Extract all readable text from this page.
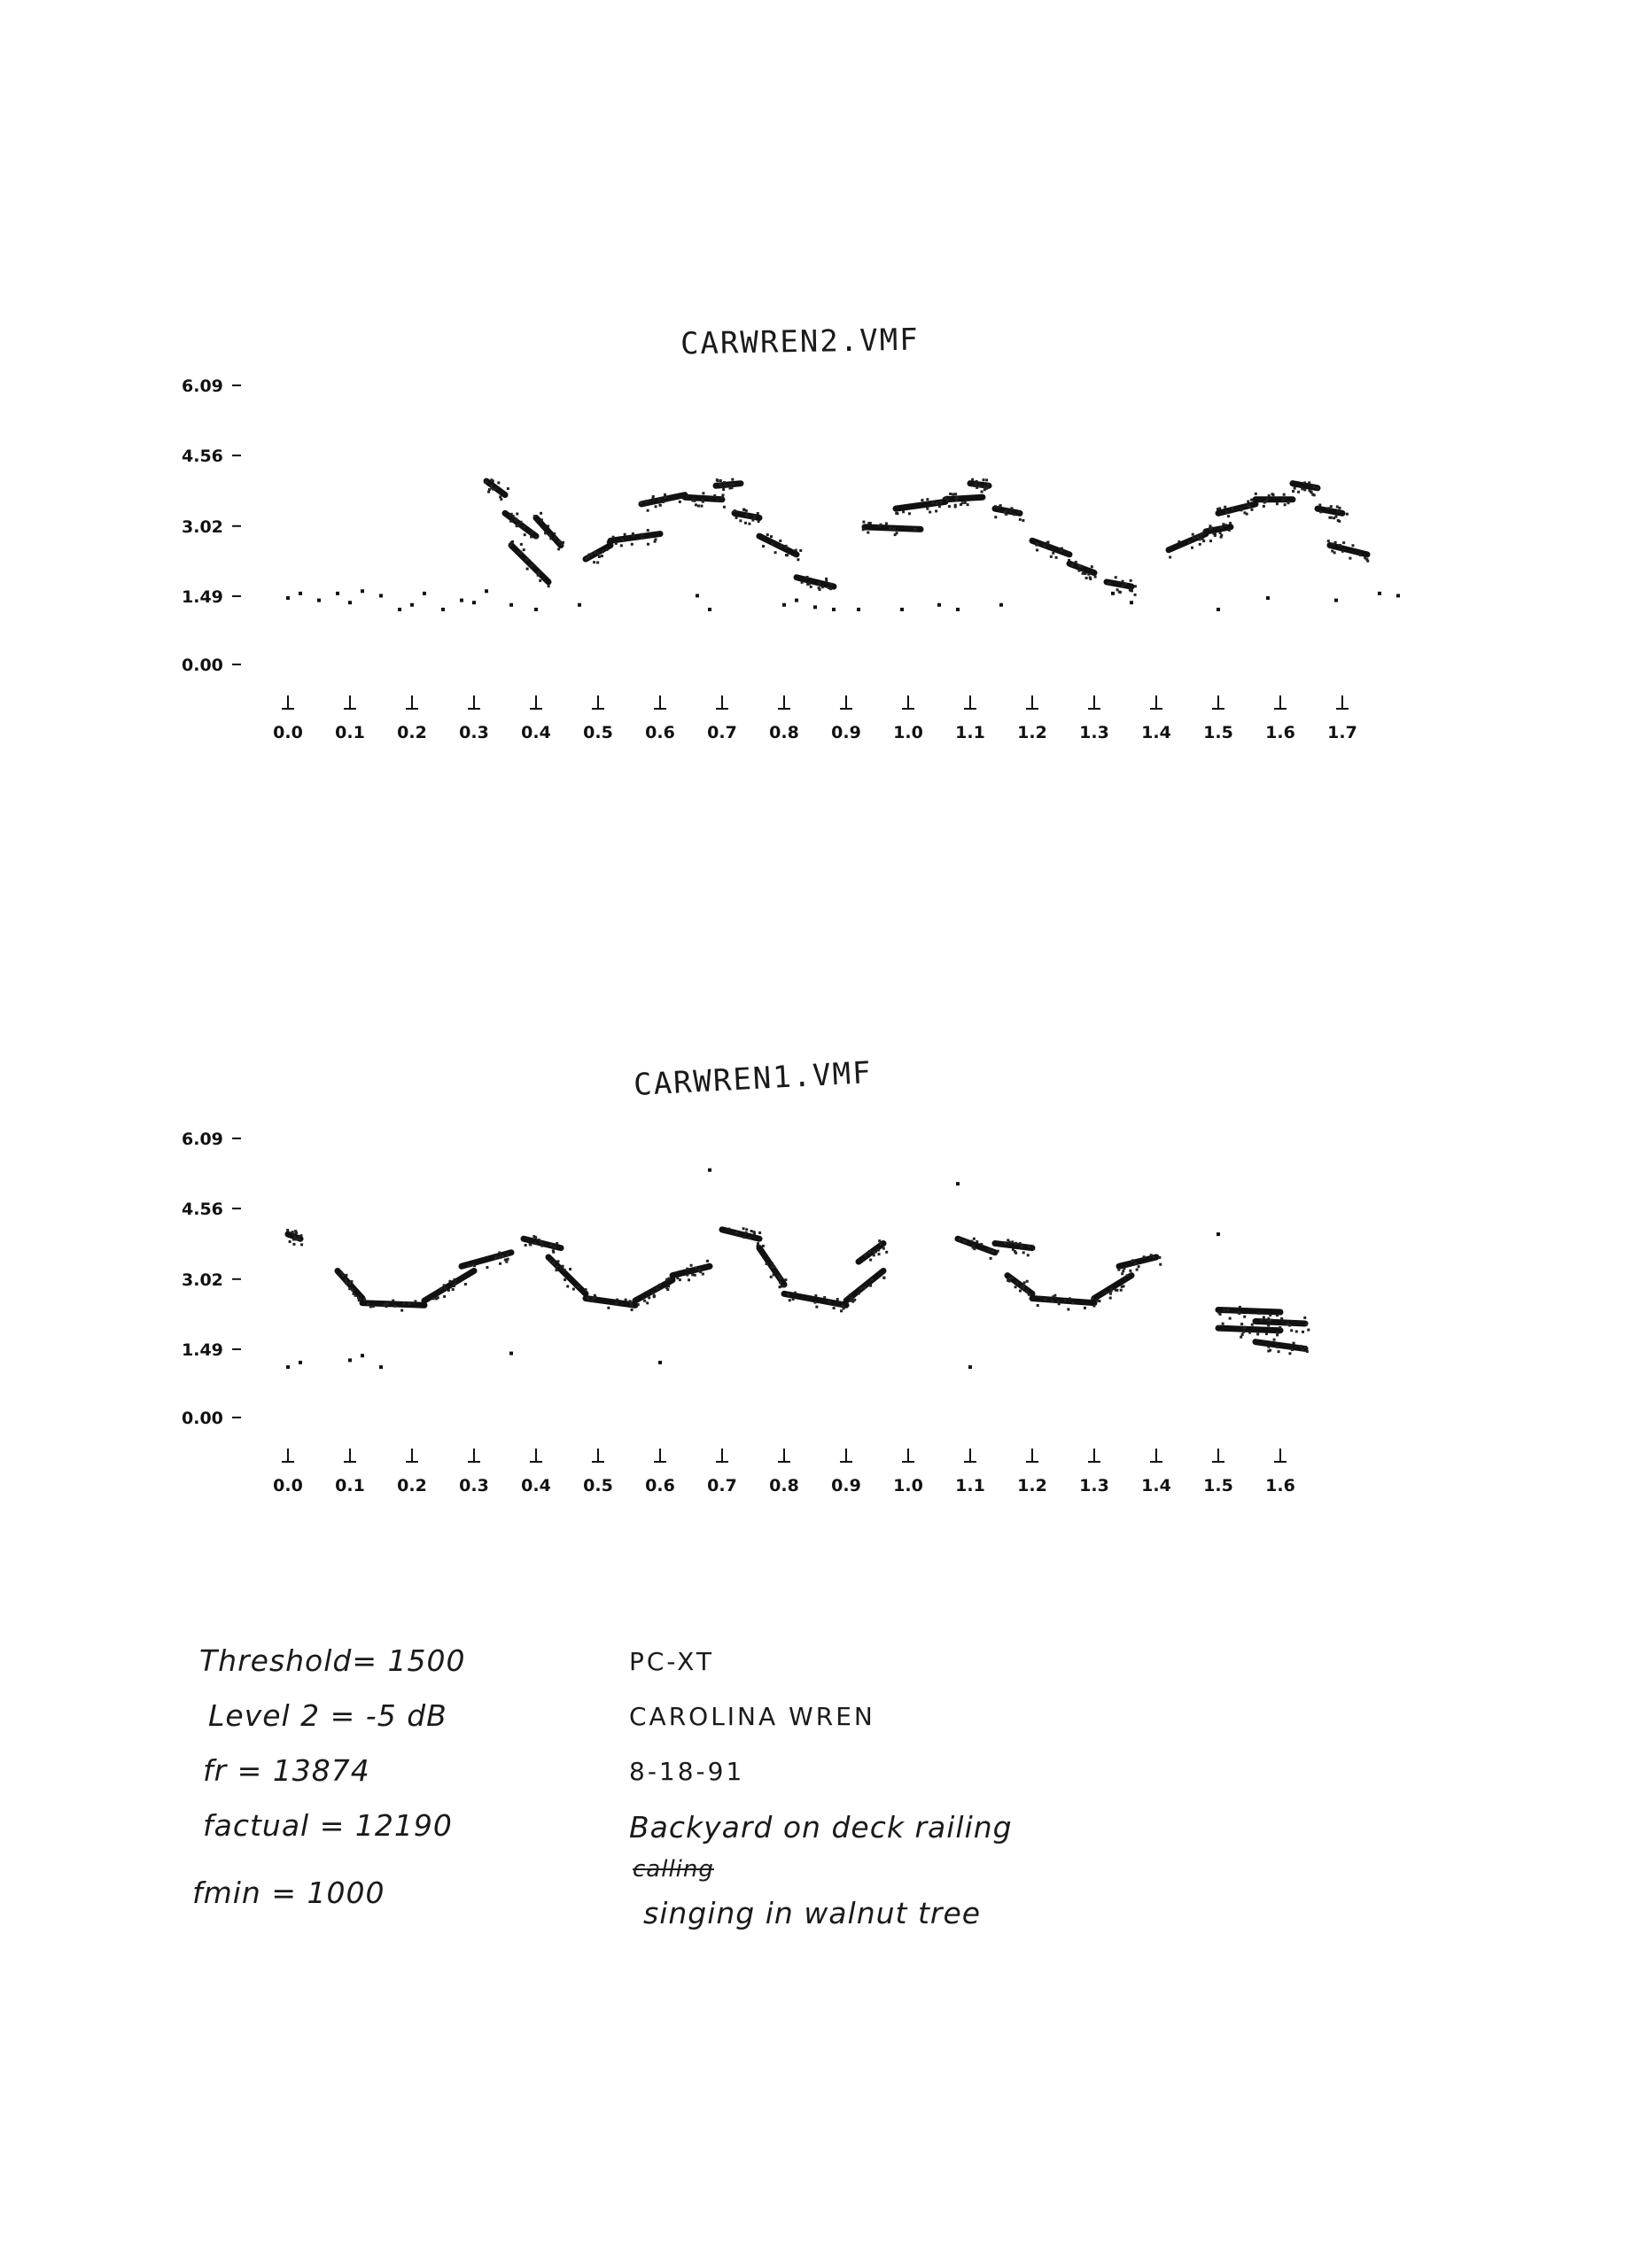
CARWREN2.VMF
6.09
4.56
3.02
1.49
0.00
0.0 0.1 0.2 0.3 0.4 0.5 0.6 0.7 0.8 0.9 1.0 1.1 1.2 1.3 1.4 1.5 1.6 1.7
CARWREN1.VMF
6.09
4.56
3.02
1.49
0.00
0.0 0.1 0.2 0.3 0.4 0.5 0.6 0.7 0.8 0.9 1.0 1.1 1.2 1.3 1.4 1.5 1.6
Threshold= 1500
Level 2 = -5 dB
fr = 13874
factual = 12190
fmin = 1000
PC-XT
CAROLINA WREN
8-18-91
Backyard on deck railing
calling
singing in walnut tree
